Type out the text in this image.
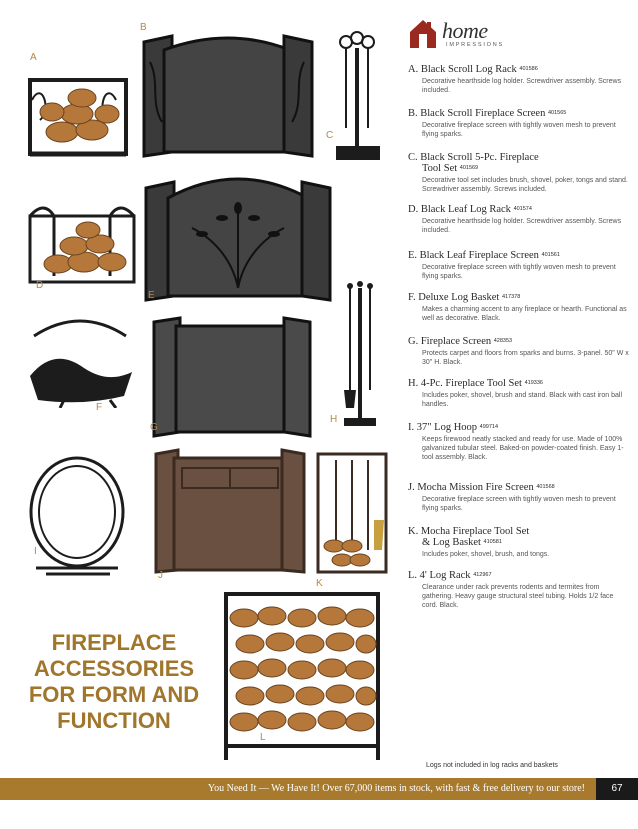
A
B
C
D
E
F
G
H
I
J
K
L
home
IMPRESSIONS
A. Black Scroll Log Rack 401586
Decorative hearthside log holder. Screwdriver assembly. Screws included.
B. Black Scroll Fireplace Screen 401565
Decorative fireplace screen with tightly woven mesh to prevent flying sparks.
C. Black Scroll 5-Pc. Fireplace
Tool Set 401569
Decorative tool set includes brush, shovel, poker, tongs and stand. Screwdriver assembly. Screws included.
D. Black Leaf Log Rack 401574
Decorative hearthside log holder. Screwdriver assembly. Screws included.
E. Black Leaf Fireplace Screen 401561
Decorative fireplace screen with tightly woven mesh to prevent flying sparks.
F. Deluxe Log Basket 417378
Makes a charming accent to any fireplace or hearth. Functional as well as decorative. Black.
G. Fireplace Screen 428353
Protects carpet and floors from sparks and burns. 3-panel. 50" W x 30" H. Black.
H. 4-Pc. Fireplace Tool Set 419336
Includes poker, shovel, brush and stand. Black with cast iron ball handles.
I. 37" Log Hoop 499714
Keeps firewood neatly stacked and ready for use. Made of 100% galvanized tubular steel. Baked-on powder-coated finish. Easy 1-tool assembly. Black.
J. Mocha Mission Fire Screen 401568
Decorative fireplace screen with tightly woven mesh to prevent flying sparks.
K. Mocha Fireplace Tool Set
& Log Basket 410581
Includes poker, shovel, brush, and tongs.
L. 4' Log Rack 412967
Clearance under rack prevents rodents and termites from gathering. Heavy gauge structural steel tubing. Holds 1/2 face cord. Black.
FIREPLACE
ACCESSORIES
FOR FORM AND
FUNCTION
Logs not included in log racks and baskets
You Need It — We Have It! Over 67,000 items in stock, with fast & free delivery to our store!	67
